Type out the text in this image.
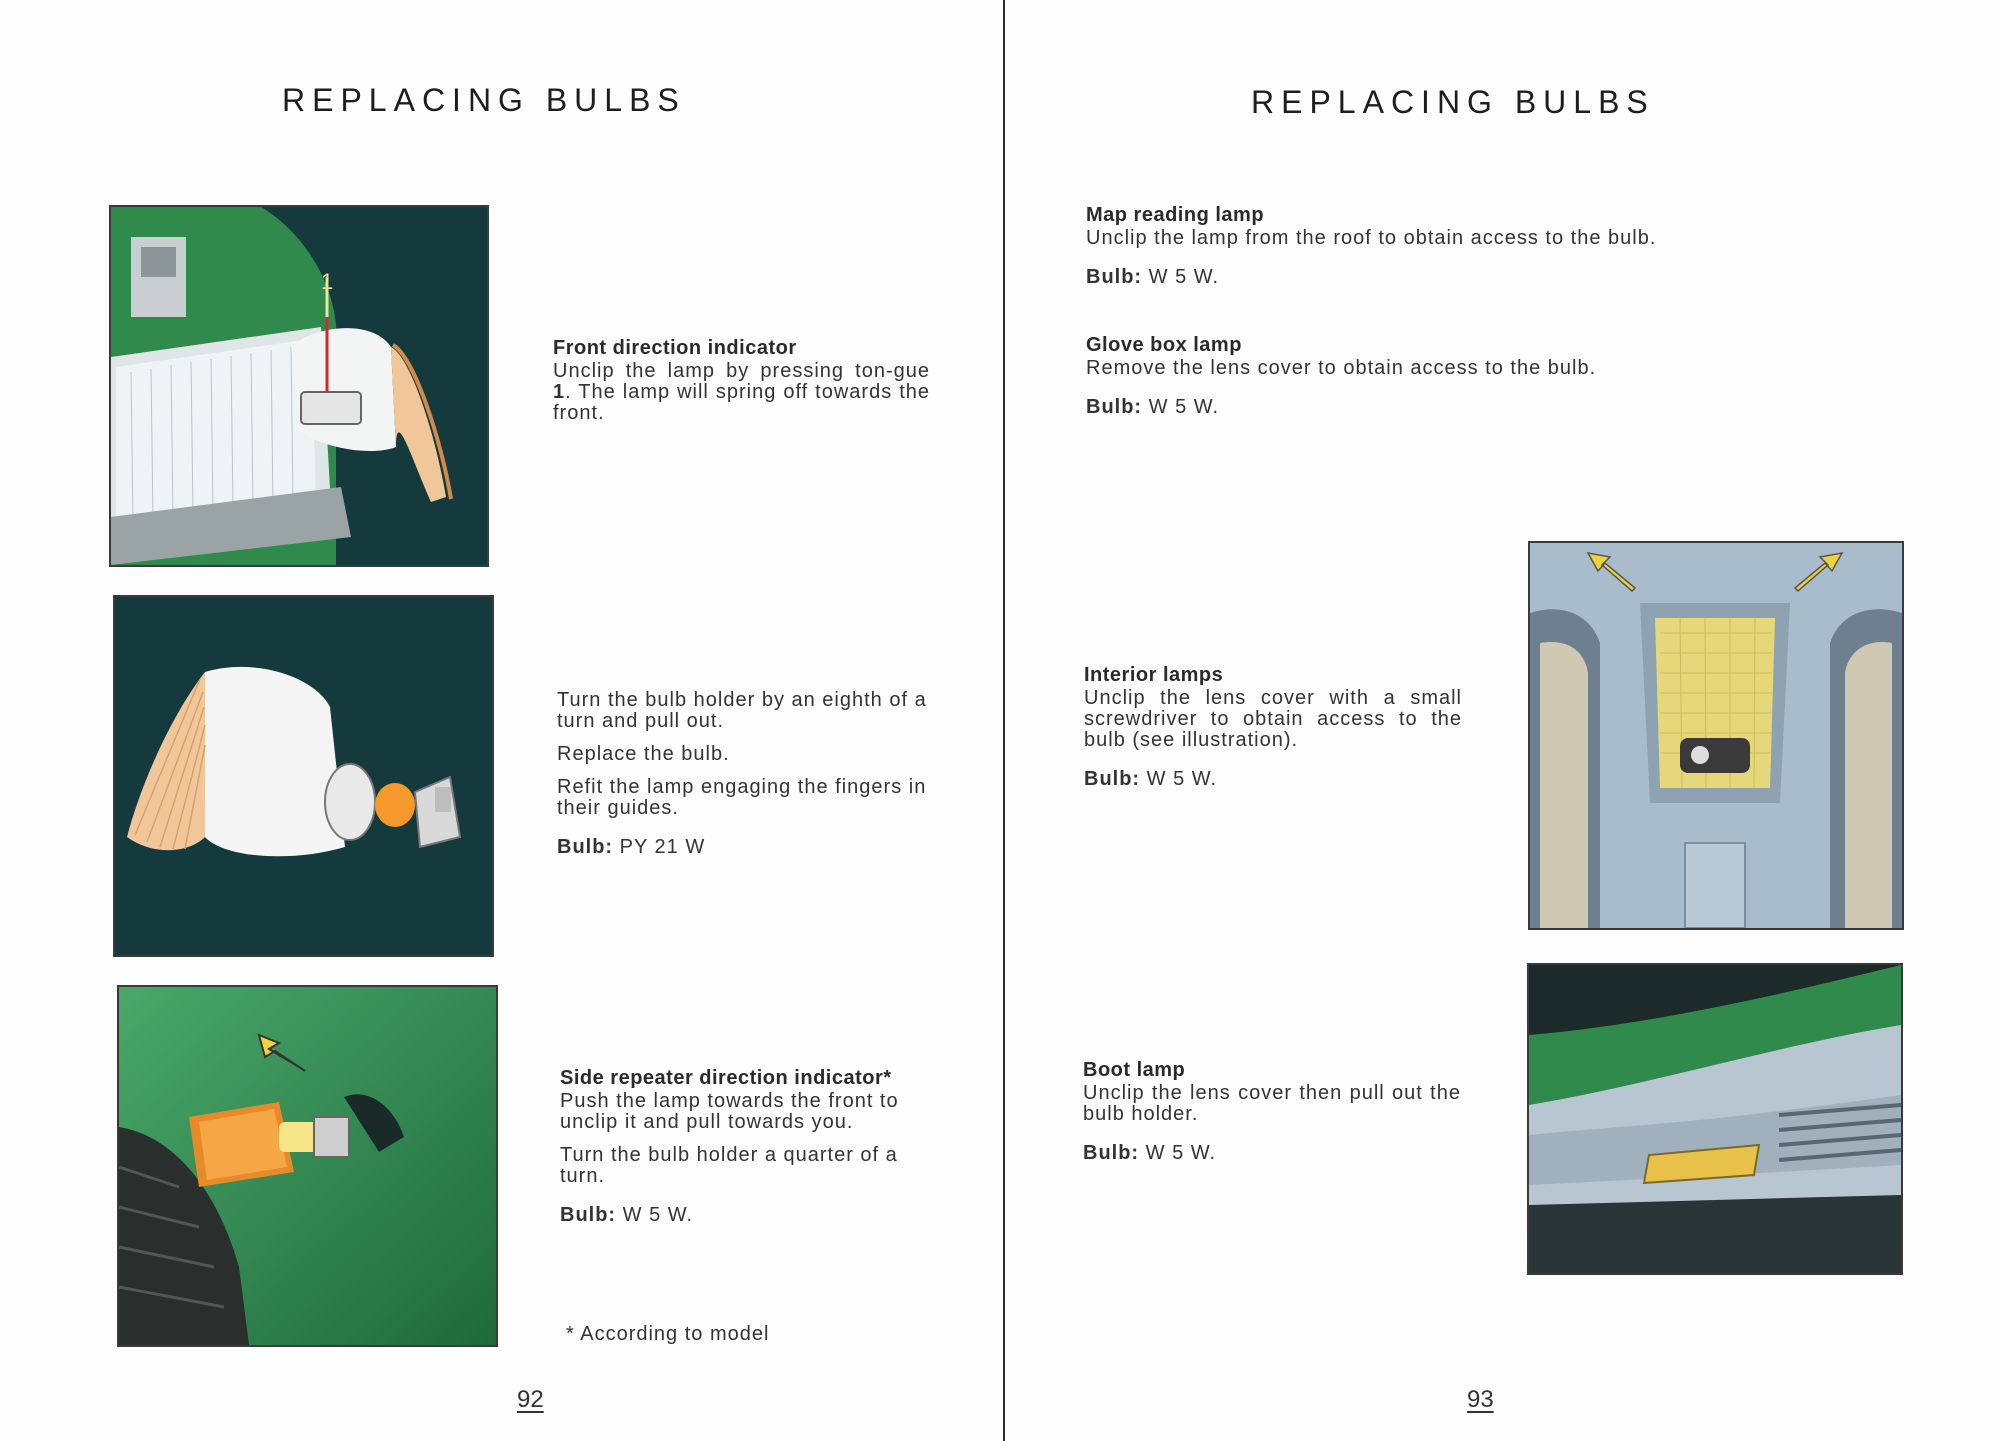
REPLACING BULBS
1
Front direction indicator

Unclip the lamp by pressing ton-gue 1. The lamp will spring off towards the front.

Turn the bulb holder by an eighth of a turn and pull out.

Replace the bulb.

Refit the lamp engaging the fingers in their guides.

Bulb: PY 21 W

Side repeater direction indicator*

Push the lamp towards the front to unclip it and pull towards you.

Turn the bulb holder a quarter of a turn.

Bulb: W 5 W.

* According to model
92
REPLACING BULBS
Map reading lamp

Unclip the lamp from the roof to obtain access to the bulb.

Bulb: W 5 W.

Glove box lamp

Remove the lens cover to obtain access to the bulb.

Bulb: W 5 W.

Interior lamps

Unclip the lens cover with a small screwdriver to obtain access to the bulb (see illustration).

Bulb: W 5 W.

Boot lamp

Unclip the lens cover then pull out the bulb holder.

Bulb: W 5 W.

93
